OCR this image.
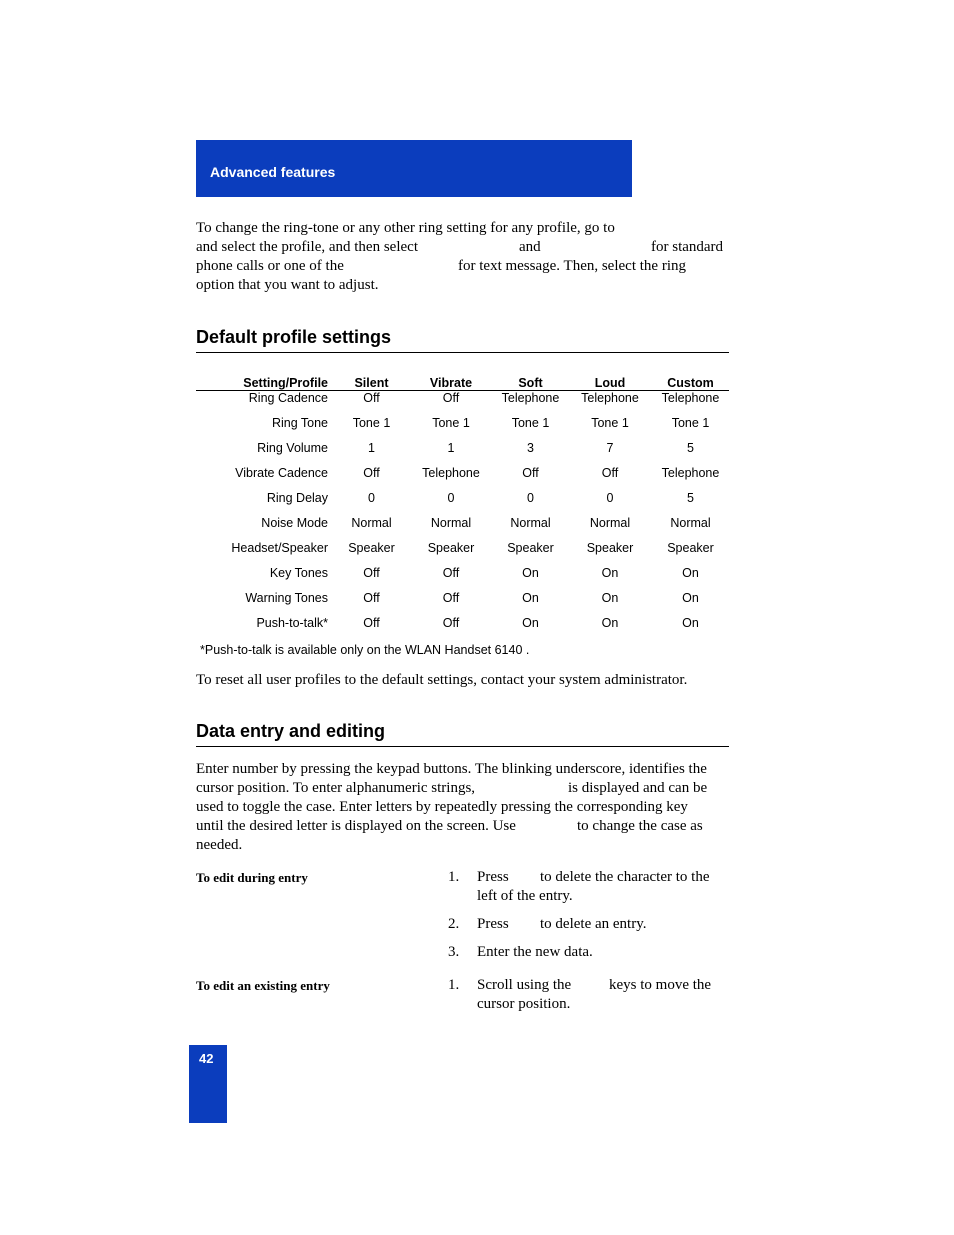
Advanced features
To change the ring-tone or any other ring setting for any profile, go to
and select the profile, and then select	and	for standard
phone calls or one of the	for text message. Then, select the ring
option that you want to adjust.
Default profile settings
Setting/Profile	Silent	Vibrate	Soft	Loud	Custom
Ring Cadence	Off	Off	Telephone	Telephone	Telephone
Ring Tone	Tone 1	Tone 1	Tone 1	Tone 1	Tone 1
Ring Volume	1	1	3	7	5
Vibrate Cadence	Off	Telephone	Off	Off	Telephone
Ring Delay	0	0	0	0	5
Noise Mode	Normal	Normal	Normal	Normal	Normal
Headset/Speaker	Speaker	Speaker	Speaker	Speaker	Speaker
Key Tones	Off	Off	On	On	On
Warning Tones	Off	Off	On	On	On
Push-to-talk*	Off	Off	On	On	On
*Push-to-talk is available only on the WLAN Handset 6140 .
To reset all user profiles to the default settings, contact your system administrator.
Data entry and editing
Enter number by pressing the keypad buttons. The blinking underscore, identifies the
cursor position. To enter alphanumeric strings,	is displayed and can be
used to toggle the case. Enter letters by repeatedly pressing the corresponding key
until the desired letter is displayed on the screen. Use	to change the case as
needed.
To edit during entry	1. Press to delete the character to the
left of the entry.
2. Press to delete an entry.
3. Enter the new data.
To edit an existing entry	1. Scroll using the	keys to move the
cursor position.
42
